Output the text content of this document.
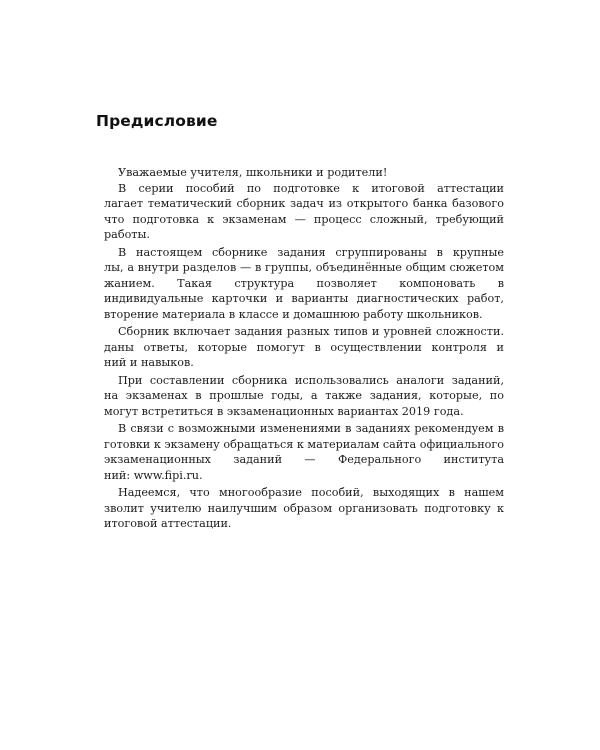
Предисловие
Уважаемые учителя, школьники и родители!
В серии пособий по подготовке к итоговой аттестации
лагает тематический сборник задач из открытого банка базового
что подготовка к экзаменам — процесс сложный, требующий
работы.
В настоящем сборнике задания сгруппированы в крупные
лы, а внутри разделов — в группы, объединённые общим сюжетом
жанием. Такая структура позволяет компоновать в
индивидуальные карточки и варианты диагностических работ,
вторение материала в классе и домашнюю работу школьников.
Сборник включает задания разных типов и уровней сложности.
даны ответы, которые помогут в осуществлении контроля и
ний и навыков.
При составлении сборника использовались аналоги заданий,
на экзаменах в прошлые годы, а также задания, которые, по
могут встретиться в экзаменационных вариантах 2019 года.
В связи с возможными изменениями в заданиях рекомендуем в
готовки к экзамену обращаться к материалам сайта официального
экзаменационных заданий — Федерального института
ний: www.fipi.ru.
Надеемся, что многообразие пособий, выходящих в нашем
зволит учителю наилучшим образом организовать подготовку к
итоговой аттестации.
